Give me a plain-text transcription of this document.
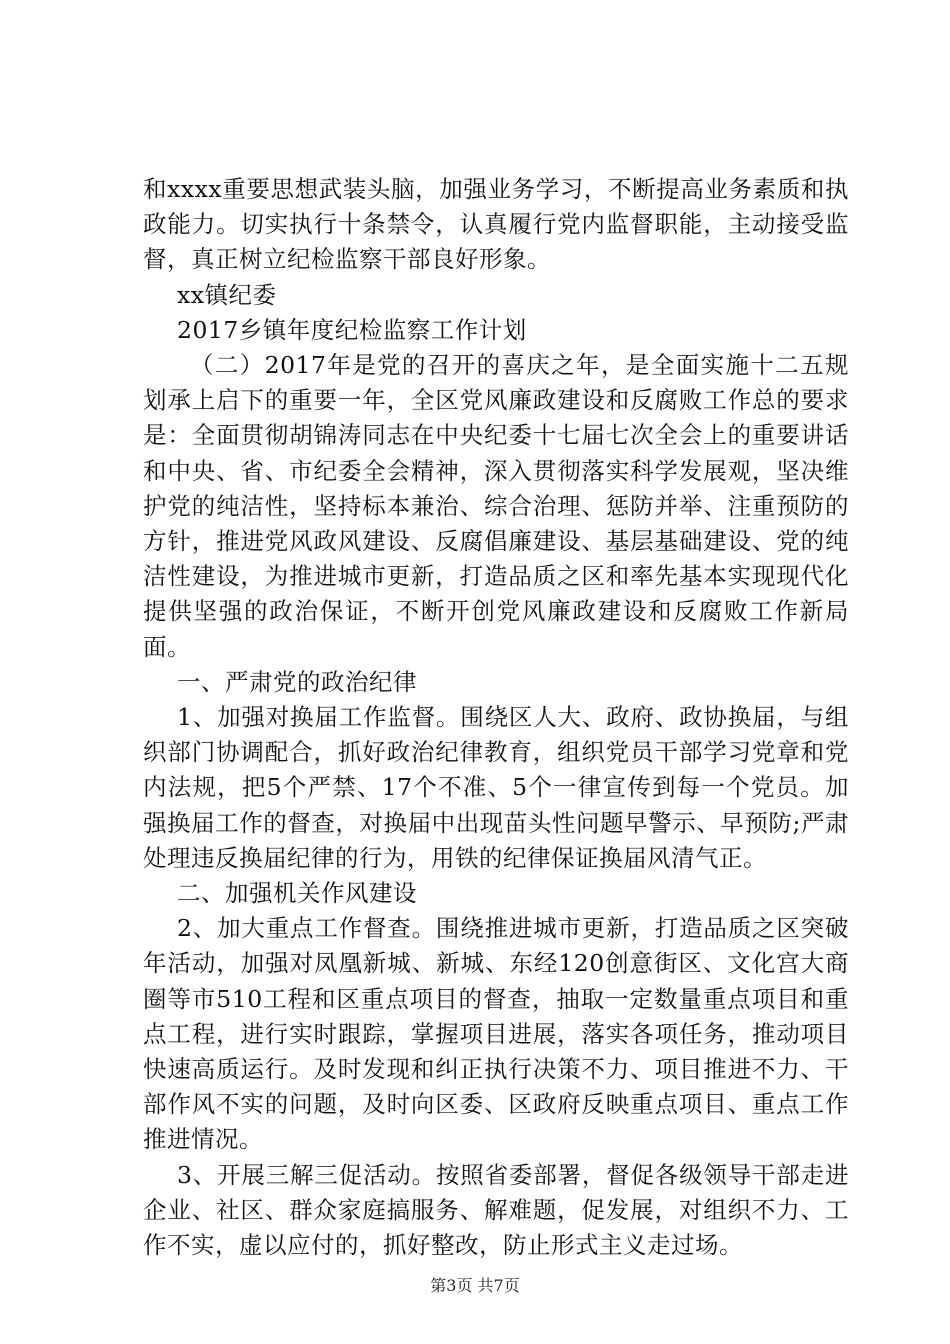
和xxxx重要思想武装头脑，加强业务学习，不断提高业务素质和执政能力。切实执行十条禁令，认真履行党内监督职能，主动接受监督，真正树立纪检监察干部良好形象。

xx镇纪委

2017乡镇年度纪检监察工作计划

（二）2017年是党的召开的喜庆之年，是全面实施十二五规划承上启下的重要一年，全区党风廉政建设和反腐败工作总的要求是：全面贯彻胡锦涛同志在中央纪委十七届七次全会上的重要讲话和中央、省、市纪委全会精神，深入贯彻落实科学发展观，坚决维护党的纯洁性，坚持标本兼治、综合治理、惩防并举、注重预防的方针，推进党风政风建设、反腐倡廉建设、基层基础建设、党的纯洁性建设，为推进城市更新，打造品质之区和率先基本实现现代化提供坚强的政治保证，不断开创党风廉政建设和反腐败工作新局面。

一、严肃党的政治纪律

1、加强对换届工作监督。围绕区人大、政府、政协换届，与组织部门协调配合，抓好政治纪律教育，组织党员干部学习党章和党内法规，把5个严禁、17个不准、5个一律宣传到每一个党员。加强换届工作的督查，对换届中出现苗头性问题早警示、早预防;严肃处理违反换届纪律的行为，用铁的纪律保证换届风清气正。

二、加强机关作风建设

2、加大重点工作督查。围绕推进城市更新，打造品质之区突破年活动，加强对凤凰新城、新城、东经120创意街区、文化宫大商圈等市510工程和区重点项目的督查，抽取一定数量重点项目和重点工程，进行实时跟踪，掌握项目进展，落实各项任务，推动项目快速高质运行。及时发现和纠正执行决策不力、项目推进不力、干部作风不实的问题，及时向区委、区政府反映重点项目、重点工作推进情况。

3、开展三解三促活动。按照省委部署，督促各级领导干部走进企业、社区、群众家庭搞服务、解难题，促发展，对组织不力、工作不实，虚以应付的，抓好整改，防止形式主义走过场。

第3页 共7页
